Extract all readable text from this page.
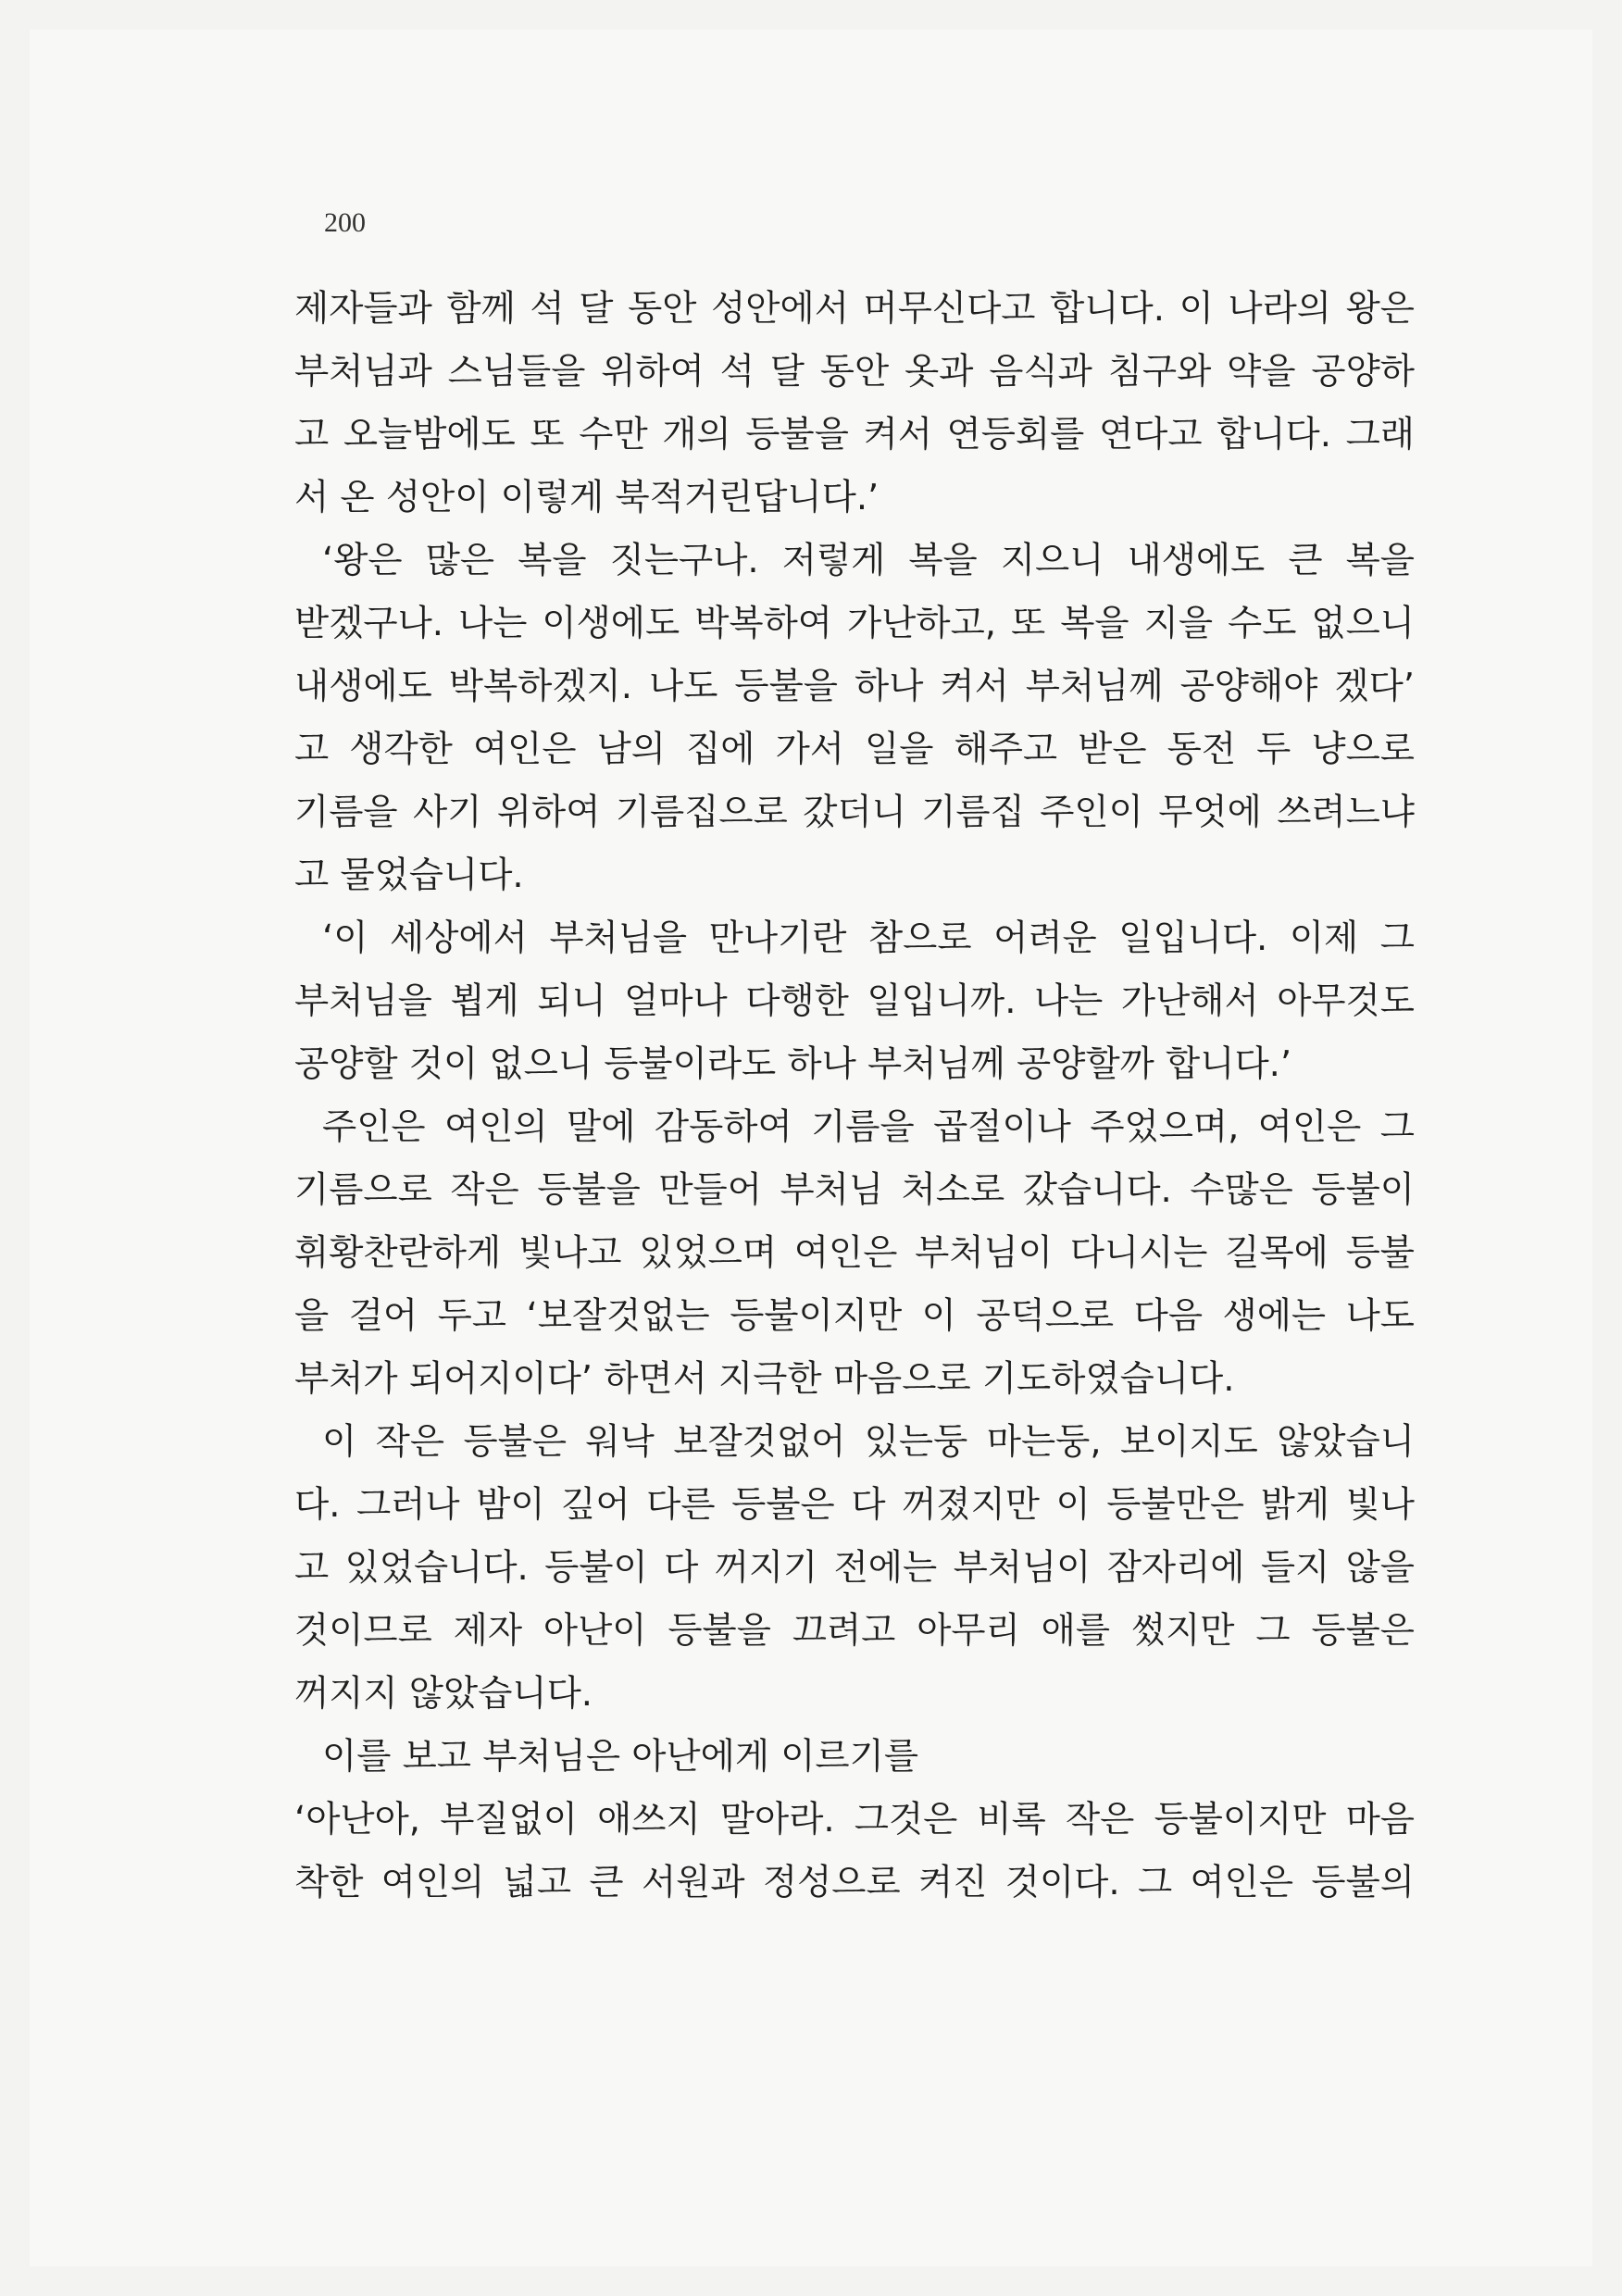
200
제자들과 함께 석 달 동안 성안에서 머무신다고 합니다. 이 나라의 왕은
부처님과 스님들을 위하여 석 달 동안 옷과 음식과 침구와 약을 공양하
고 오늘밤에도 또 수만 개의 등불을 켜서 연등회를 연다고 합니다. 그래
서 온 성안이 이렇게 북적거린답니다.’
‘왕은 많은 복을 짓는구나. 저렇게 복을 지으니 내생에도 큰 복을
받겠구나. 나는 이생에도 박복하여 가난하고, 또 복을 지을 수도 없으니
내생에도 박복하겠지. 나도 등불을 하나 켜서 부처님께 공양해야 겠다’
고 생각한 여인은 남의 집에 가서 일을 해주고 받은 동전 두 냥으로
기름을 사기 위하여 기름집으로 갔더니 기름집 주인이 무엇에 쓰려느냐
고 물었습니다.
‘이 세상에서 부처님을 만나기란 참으로 어려운 일입니다. 이제 그
부처님을 뵙게 되니 얼마나 다행한 일입니까. 나는 가난해서 아무것도
공양할 것이 없으니 등불이라도 하나 부처님께 공양할까 합니다.’
주인은 여인의 말에 감동하여 기름을 곱절이나 주었으며, 여인은 그
기름으로 작은 등불을 만들어 부처님 처소로 갔습니다. 수많은 등불이
휘황찬란하게 빛나고 있었으며 여인은 부처님이 다니시는 길목에 등불
을 걸어 두고 ‘보잘것없는 등불이지만 이 공덕으로 다음 생에는 나도
부처가 되어지이다’ 하면서 지극한 마음으로 기도하였습니다.
이 작은 등불은 워낙 보잘것없어 있는둥 마는둥, 보이지도 않았습니
다. 그러나 밤이 깊어 다른 등불은 다 꺼졌지만 이 등불만은 밝게 빛나
고 있었습니다. 등불이 다 꺼지기 전에는 부처님이 잠자리에 들지 않을
것이므로 제자 아난이 등불을 끄려고 아무리 애를 썼지만 그 등불은
꺼지지 않았습니다.
이를 보고 부처님은 아난에게 이르기를
‘아난아, 부질없이 애쓰지 말아라. 그것은 비록 작은 등불이지만 마음
착한 여인의 넓고 큰 서원과 정성으로 켜진 것이다. 그 여인은 등불의
